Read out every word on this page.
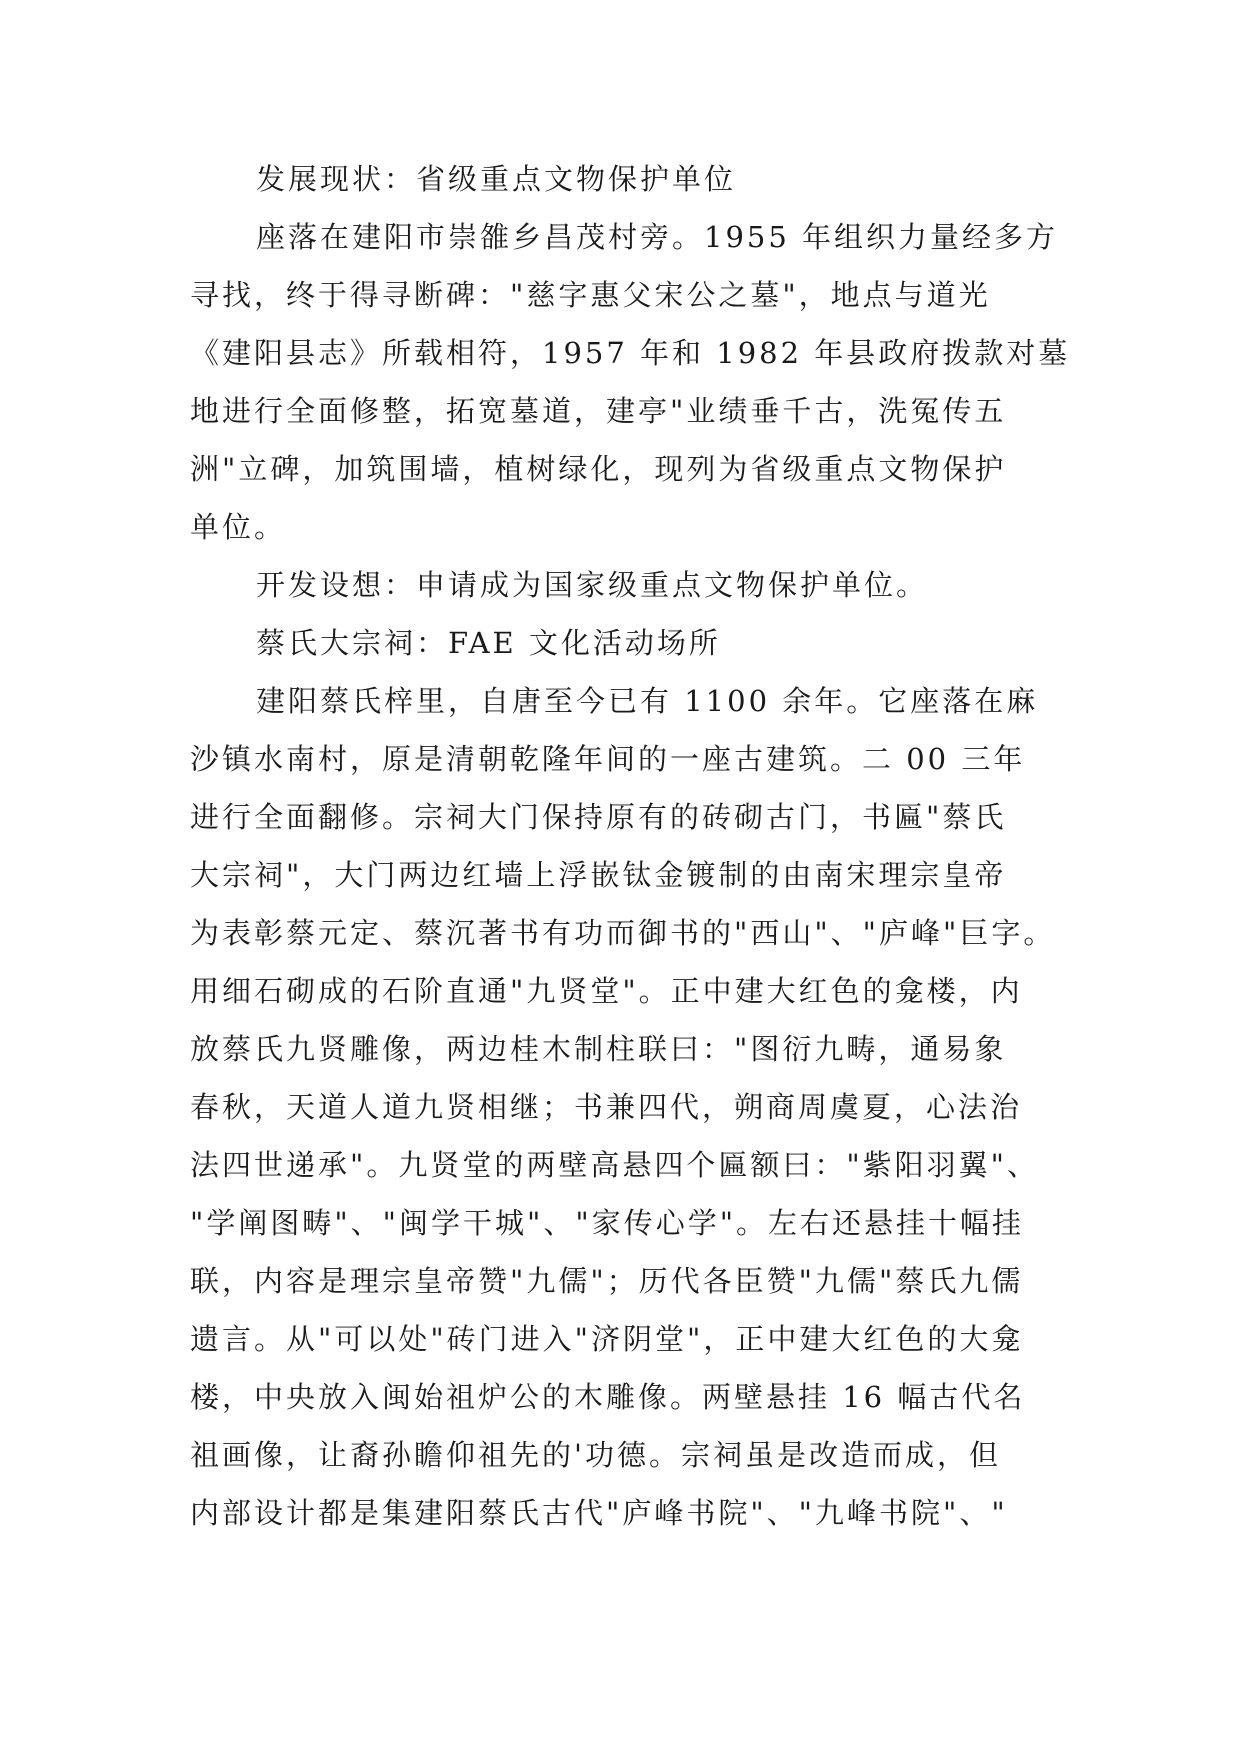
发展现状：省级重点文物保护单位
座落在建阳市崇雒乡昌茂村旁。1955 年组织力量经多方
寻找，终于得寻断碑："慈字惠父宋公之墓"，地点与道光
《建阳县志》所载相符，1957 年和 1982 年县政府拨款对墓
地进行全面修整，拓宽墓道，建亭"业绩垂千古，洗冤传五
洲"立碑，加筑围墙，植树绿化，现列为省级重点文物保护
单位。
开发设想：申请成为国家级重点文物保护单位。
蔡氏大宗祠：FAE 文化活动场所
建阳蔡氏梓里，自唐至今已有 1100 余年。它座落在麻
沙镇水南村，原是清朝乾隆年间的一座古建筑。二 00 三年
进行全面翻修。宗祠大门保持原有的砖砌古门，书匾"蔡氏
大宗祠"，大门两边红墙上浮嵌钛金镀制的由南宋理宗皇帝
为表彰蔡元定、蔡沉著书有功而御书的"西山"、"庐峰"巨字。
用细石砌成的石阶直通"九贤堂"。正中建大红色的龛楼，内
放蔡氏九贤雕像，两边桂木制柱联曰："图衍九畴，通易象
春秋，天道人道九贤相继；书兼四代，朔商周虞夏，心法治
法四世递承"。九贤堂的两壁高悬四个匾额曰："紫阳羽翼"、
"学阐图畴"、"闽学干城"、"家传心学"。左右还悬挂十幅挂
联，内容是理宗皇帝赞"九儒"；历代各臣赞"九儒"蔡氏九儒
遗言。从"可以处"砖门进入"济阴堂"，正中建大红色的大龛
楼，中央放入闽始祖炉公的木雕像。两壁悬挂 16 幅古代名
祖画像，让裔孙瞻仰祖先的'功德。宗祠虽是改造而成，但
内部设计都是集建阳蔡氏古代"庐峰书院"、"九峰书院"、"
